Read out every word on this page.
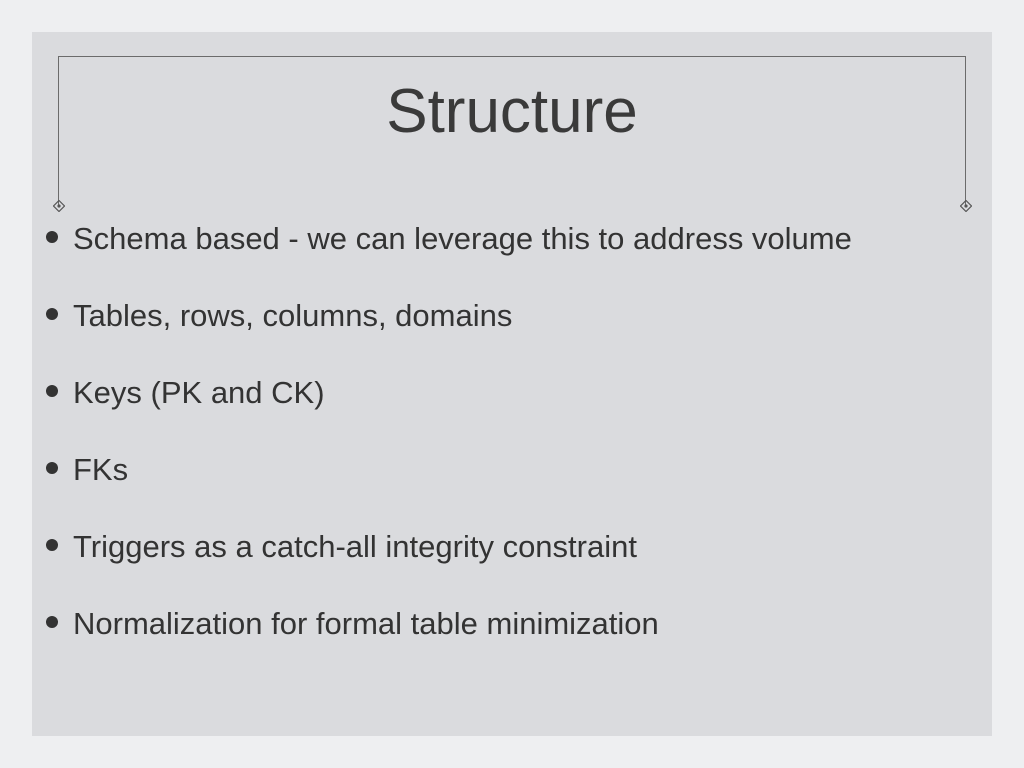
Structure
Schema based - we can leverage this to address volume
Tables, rows, columns, domains
Keys (PK and CK)
FKs
Triggers as a catch-all integrity constraint
Normalization for formal table minimization
